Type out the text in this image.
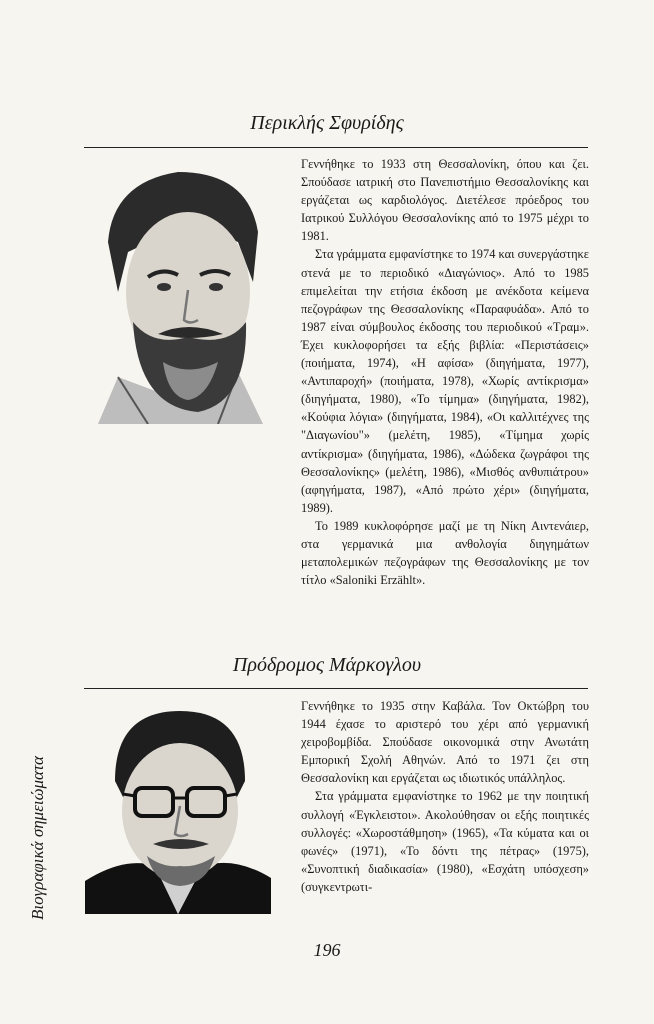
Περικλής Σφυρίδης

Γεννήθηκε το 1933 στη Θεσσαλονίκη, όπου και ζει. Σπούδασε ιατρική στο Πανεπιστήμιο Θεσσαλονίκης και εργάζεται ως καρδιολόγος. Διετέλεσε πρόεδρος του Ιατρικού Συλλόγου Θεσσαλονίκης από το 1975 μέχρι το 1981.

Στα γράμματα εμφανίστηκε το 1974 και συνεργάστηκε στενά με το περιοδικό «Διαγώνιος». Από το 1985 επιμελείται την ετήσια έκδοση με ανέκδοτα κείμενα πεζογράφων της Θεσσαλονίκης «Παραφυάδα». Από το 1987 είναι σύμβουλος έκδοσης του περιοδικού «Τραμ». Έχει κυκλοφορήσει τα εξής βιβλία: «Περιστάσεις» (ποιήματα, 1974), «Η αφίσα» (διηγήματα, 1977), «Αντιπαροχή» (ποιήματα, 1978), «Χωρίς αντίκρισμα» (διηγήματα, 1980), «Το τίμημα» (διηγήματα, 1982), «Κούφια λόγια» (διηγήματα, 1984), «Οι καλλιτέχνες της "Διαγωνίου"» (μελέτη, 1985), «Τίμημα χωρίς αντίκρισμα» (διηγήματα, 1986), «Δώδεκα ζωγράφοι της Θεσσαλονίκης» (μελέτη, 1986), «Μισθός ανθυπιάτρου» (αφηγήματα, 1987), «Από πρώτο χέρι» (διηγήματα, 1989).

Το 1989 κυκλοφόρησε μαζί με τη Νίκη Αιντενάιερ, στα γερμανικά μια ανθολογία διηγημάτων μεταπολεμικών πεζογράφων της Θεσσαλονίκης με τον τίτλο «Saloniki Erzählt».

Πρόδρομος Μάρκογλου

Γεννήθηκε το 1935 στην Καβάλα. Τον Οκτώβρη του 1944 έχασε το αριστερό του χέρι από γερμανική χειροβομβίδα. Σπούδασε οικονομικά στην Ανωτάτη Εμπορική Σχολή Αθηνών. Από το 1971 ζει στη Θεσσαλονίκη και εργάζεται ως ιδιωτικός υπάλληλος.

Στα γράμματα εμφανίστηκε το 1962 με την ποιητική συλλογή «Έγκλειστοι». Ακολούθησαν οι εξής ποιητικές συλλογές: «Χωροστάθμηση» (1965), «Τα κύματα και οι φωνές» (1971), «Το δόντι της πέτρας» (1975), «Συνοπτική διαδικασία» (1980), «Εσχάτη υπόσχεση» (συγκεντρωτι-

Βιογραφικά σημειώματα
196
